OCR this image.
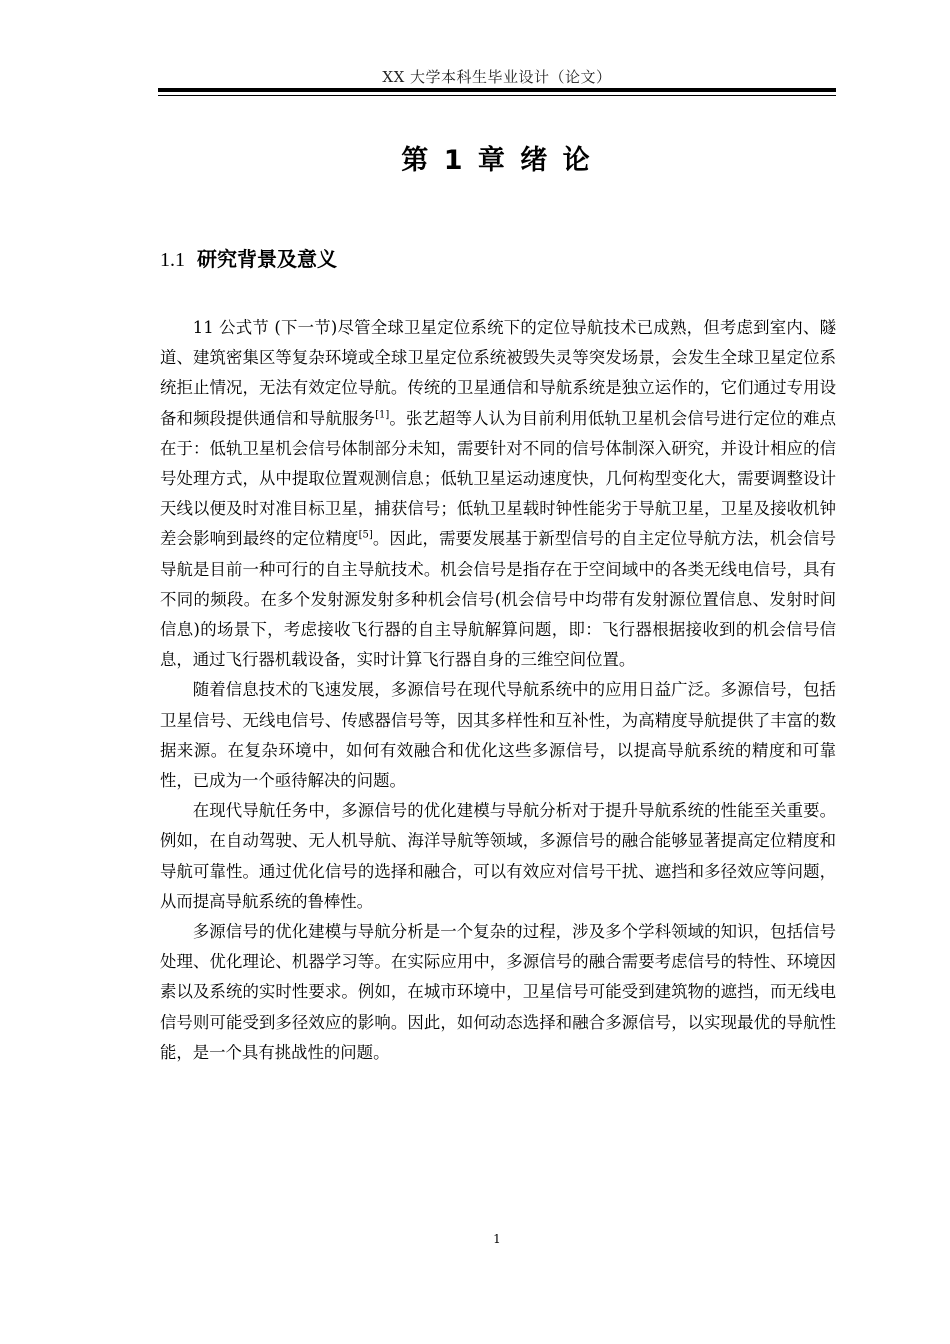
XX 大学本科生毕业设计（论文）
第 1 章 绪 论
1.1 研究背景及意义

11 公式节 (下一节)尽管全球卫星定位系统下的定位导航技术已成熟，但考虑到室内、隧道、建筑密集区等复杂环境或全球卫星定位系统被毁失灵等突发场景，会发生全球卫星定位系统拒止情况，无法有效定位导航。传统的卫星通信和导航系统是独立运作的，它们通过专用设备和频段提供通信和导航服务[1]。张艺超等人认为目前利用低轨卫星机会信号进行定位的难点在于：低轨卫星机会信号体制部分未知，需要针对不同的信号体制深入研究，并设计相应的信号处理方式，从中提取位置观测信息；低轨卫星运动速度快，几何构型变化大，需要调整设计天线以便及时对准目标卫星，捕获信号；低轨卫星载时钟性能劣于导航卫星，卫星及接收机钟差会影响到最终的定位精度[5]。因此，需要发展基于新型信号的自主定位导航方法，机会信号导航是目前一种可行的自主导航技术。机会信号是指存在于空间域中的各类无线电信号，具有不同的频段。在多个发射源发射多种机会信号(机会信号中均带有发射源位置信息、发射时间信息)的场景下，考虑接收飞行器的自主导航解算问题，即：飞行器根据接收到的机会信号信息，通过飞行器机载设备，实时计算飞行器自身的三维空间位置。

随着信息技术的飞速发展，多源信号在现代导航系统中的应用日益广泛。多源信号，包括卫星信号、无线电信号、传感器信号等，因其多样性和互补性，为高精度导航提供了丰富的数据来源。在复杂环境中，如何有效融合和优化这些多源信号，以提高导航系统的精度和可靠性，已成为一个亟待解决的问题。

在现代导航任务中，多源信号的优化建模与导航分析对于提升导航系统的性能至关重要。例如，在自动驾驶、无人机导航、海洋导航等领域，多源信号的融合能够显著提高定位精度和导航可靠性。通过优化信号的选择和融合，可以有效应对信号干扰、遮挡和多径效应等问题，从而提高导航系统的鲁棒性。

多源信号的优化建模与导航分析是一个复杂的过程，涉及多个学科领域的知识，包括信号处理、优化理论、机器学习等。在实际应用中，多源信号的融合需要考虑信号的特性、环境因素以及系统的实时性要求。例如，在城市环境中，卫星信号可能受到建筑物的遮挡，而无线电信号则可能受到多径效应的影响。因此，如何动态选择和融合多源信号，以实现最优的导航性能，是一个具有挑战性的问题。

1
